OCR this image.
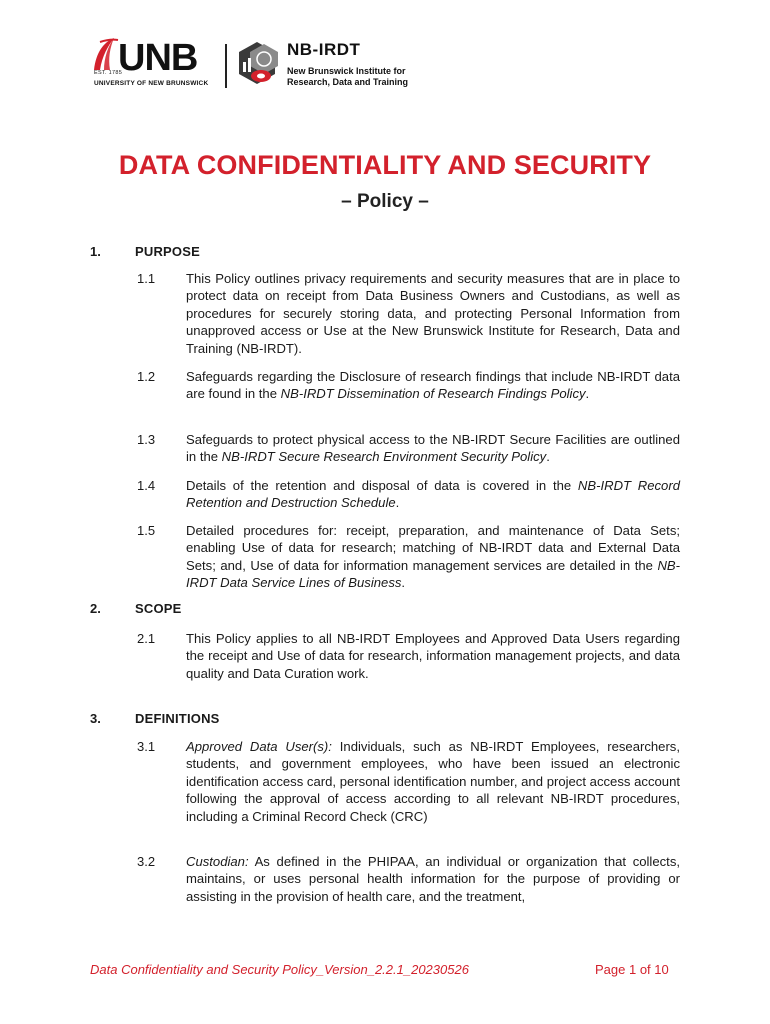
EST. 1785
UNB
UNIVERSITY OF NEW BRUNSWICK
NB-IRDT
New Brunswick Institute for
Research, Data and Training
DATA CONFIDENTIALITY AND SECURITY
– Policy –
1.	PURPOSE
1.1 This Policy outlines privacy requirements and security measures that are in place to protect data on receipt from Data Business Owners and Custodians, as well as procedures for securely storing data, and protecting Personal Information from unapproved access or Use at the New Brunswick Institute for Research, Data and Training (NB-IRDT).
1.2 Safeguards regarding the Disclosure of research findings that include NB-IRDT data are found in the NB-IRDT Dissemination of Research Findings Policy.
1.3 Safeguards to protect physical access to the NB-IRDT Secure Facilities are outlined in the NB-IRDT Secure Research Environment Security Policy.
1.4 Details of the retention and disposal of data is covered in the NB-IRDT Record Retention and Destruction Schedule.
1.5 Detailed procedures for: receipt, preparation, and maintenance of Data Sets; enabling Use of data for research; matching of NB-IRDT data and External Data Sets; and, Use of data for information management services are detailed in the NB-IRDT Data Service Lines of Business.
2.	SCOPE
2.1 This Policy applies to all NB-IRDT Employees and Approved Data Users regarding the receipt and Use of data for research, information management projects, and data quality and Data Curation work.
3.	DEFINITIONS
3.1 Approved Data User(s): Individuals, such as NB-IRDT Employees, researchers, students, and government employees, who have been issued an electronic identification access card, personal identification number, and project access account following the approval of access according to all relevant NB-IRDT procedures, including a Criminal Record Check (CRC)
3.2 Custodian: As defined in the PHIPAA, an individual or organization that collects, maintains, or uses personal health information for the purpose of providing or assisting in the provision of health care, and the treatment,
Data Confidentiality and Security Policy_Version_2.2.1_20230526	Page 1 of 10
